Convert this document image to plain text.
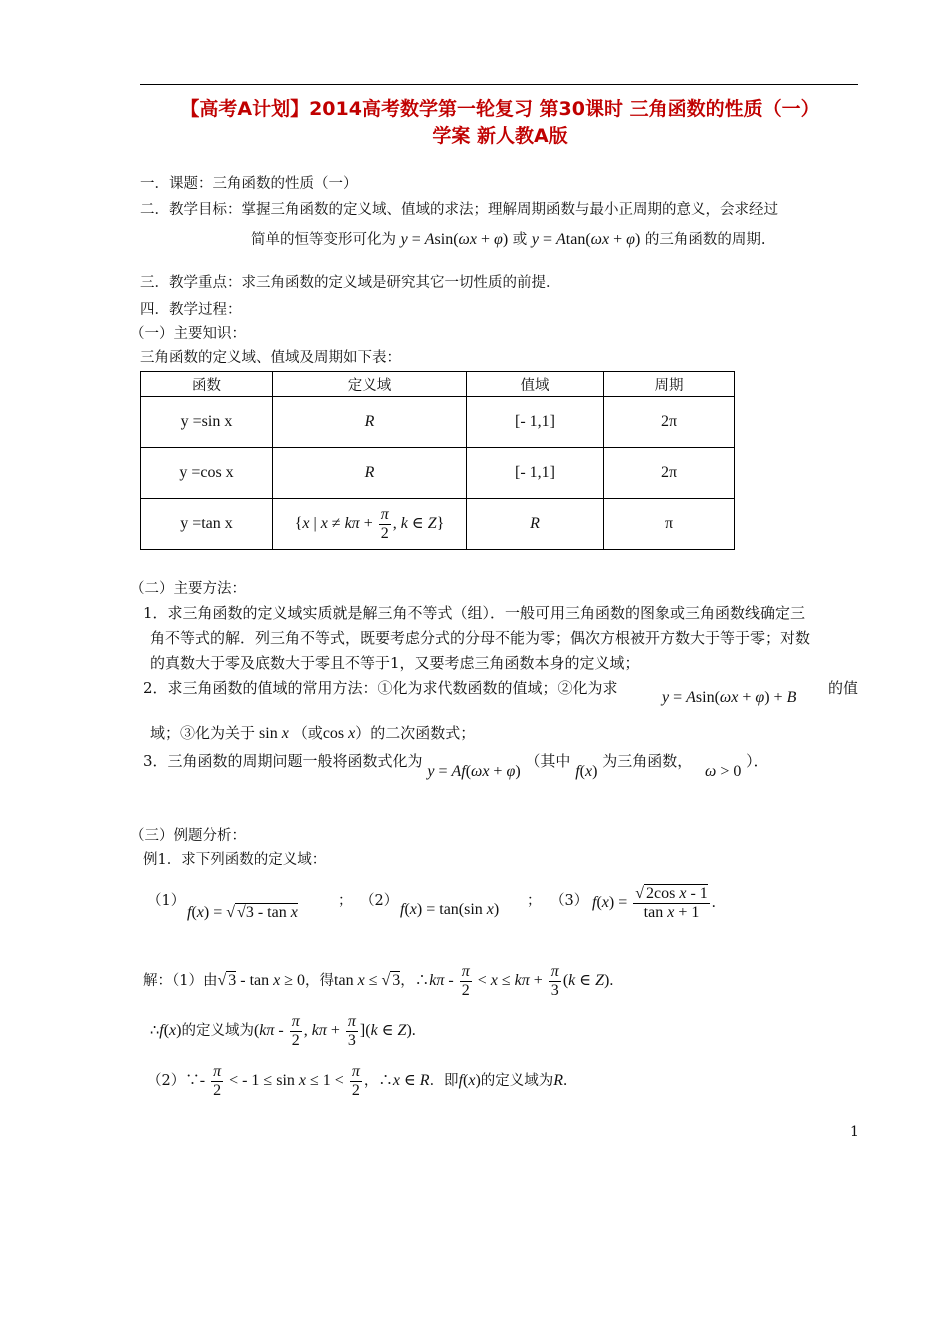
【高考A计划】2014高考数学第一轮复习 第30课时 三角函数的性质（一）
学案 新人教A版
一．课题：三角函数的性质（一）
二．教学目标：掌握三角函数的定义域、值域的求法；理解周期函数与最小正周期的意义，会求经过
简单的恒等变形可化为 y = Asin(ωx + φ) 或 y = Atan(ωx + φ) 的三角函数的周期.
三．教学重点：求三角函数的定义域是研究其它一切性质的前提．
四．教学过程：
（一）主要知识：
三角函数的定义域、值域及周期如下表：
函数	定义域	值域	周期
y =sin x	R	[- 1,1]	2π
y =cos x	R	[- 1,1]	2π
y =tan x	{x | $x \ne k\pi + \frac{\pi}{2}$ , k ∈ Z}	R	π
（二）主要方法：
1．求三角函数的定义域实质就是解三角不等式（组）．一般可用三角函数的图象或三角函数线确定三
角不等式的解．列三角不等式，既要考虑分式的分母不能为零；偶次方根被开方数大于等于零；对数
的真数大于零及底数大于零且不等于1，又要考虑三角函数本身的定义域；
2．求三角函数的值域的常用方法：①化为求代数函数的值域；②化为求
y = Asin(ωx + φ) + B
的值
域；③化为关于 sin x （或cos x）的二次函数式；
3．三角函数的周期问题一般将函数式化为 y = Af(ωx + φ) （其中 f(x) 为三角函数，   ω > 0 ）．
（三）例题分析：
例1．求下列函数的定义域：
（1）
f(x) = √ √3 - tan x
； （2） f(x) = tan(sin x) ； （3） $f(x) = \frac{\text{√ 2cos x - 1}}{\text{tan x + 1}}$ .
解：（1）由√ 3 - tan x ≥ 0，得tan x ≤ √ 3，∴kπ - $\frac{\pi}{2} < x \le k\pi + \frac{\pi}{3} (k$ ∈ Z).
∴f(x)的定义域为($k\pi - \frac{\pi}{2}$ , $k\pi + \frac{\pi}{3} ](k$ ∈ Z).
（2）∵- $\frac{\pi}{2}$ < - $1 \le \sin x \le 1 < \frac{\pi}{2}$ ，∴x ∈ R．即f(x)的定义域为R.
1
